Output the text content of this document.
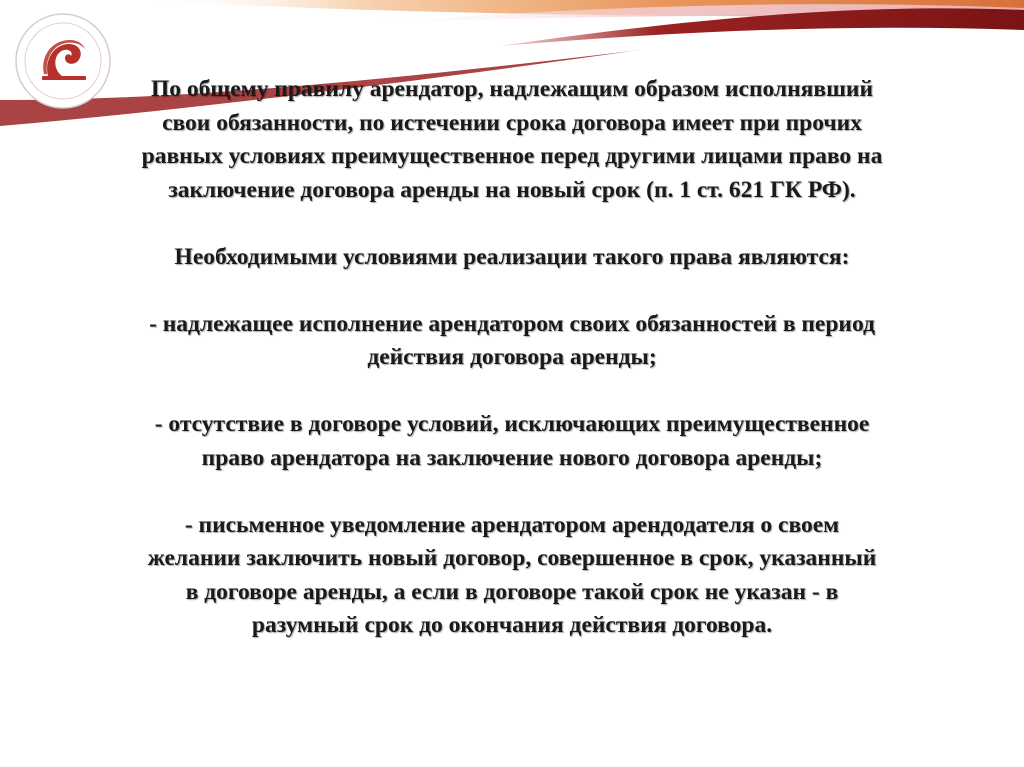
По общему правилу арендатор, надлежащим образом исполнявший
свои обязанности, по истечении срока договора имеет при прочих
равных условиях преимущественное перед другими лицами право на
заключение договора аренды на новый срок (п. 1 ст. 621 ГК РФ).
Необходимыми условиями реализации такого права являются:
- надлежащее исполнение арендатором своих обязанностей в период
действия договора аренды;
- отсутствие в договоре условий, исключающих преимущественное
право арендатора на заключение нового договора аренды;
- письменное уведомление арендатором арендодателя о своем
желании заключить новый договор, совершенное в срок, указанный
в договоре аренды, а если в договоре такой срок не указан - в
разумный срок до окончания действия договора.
